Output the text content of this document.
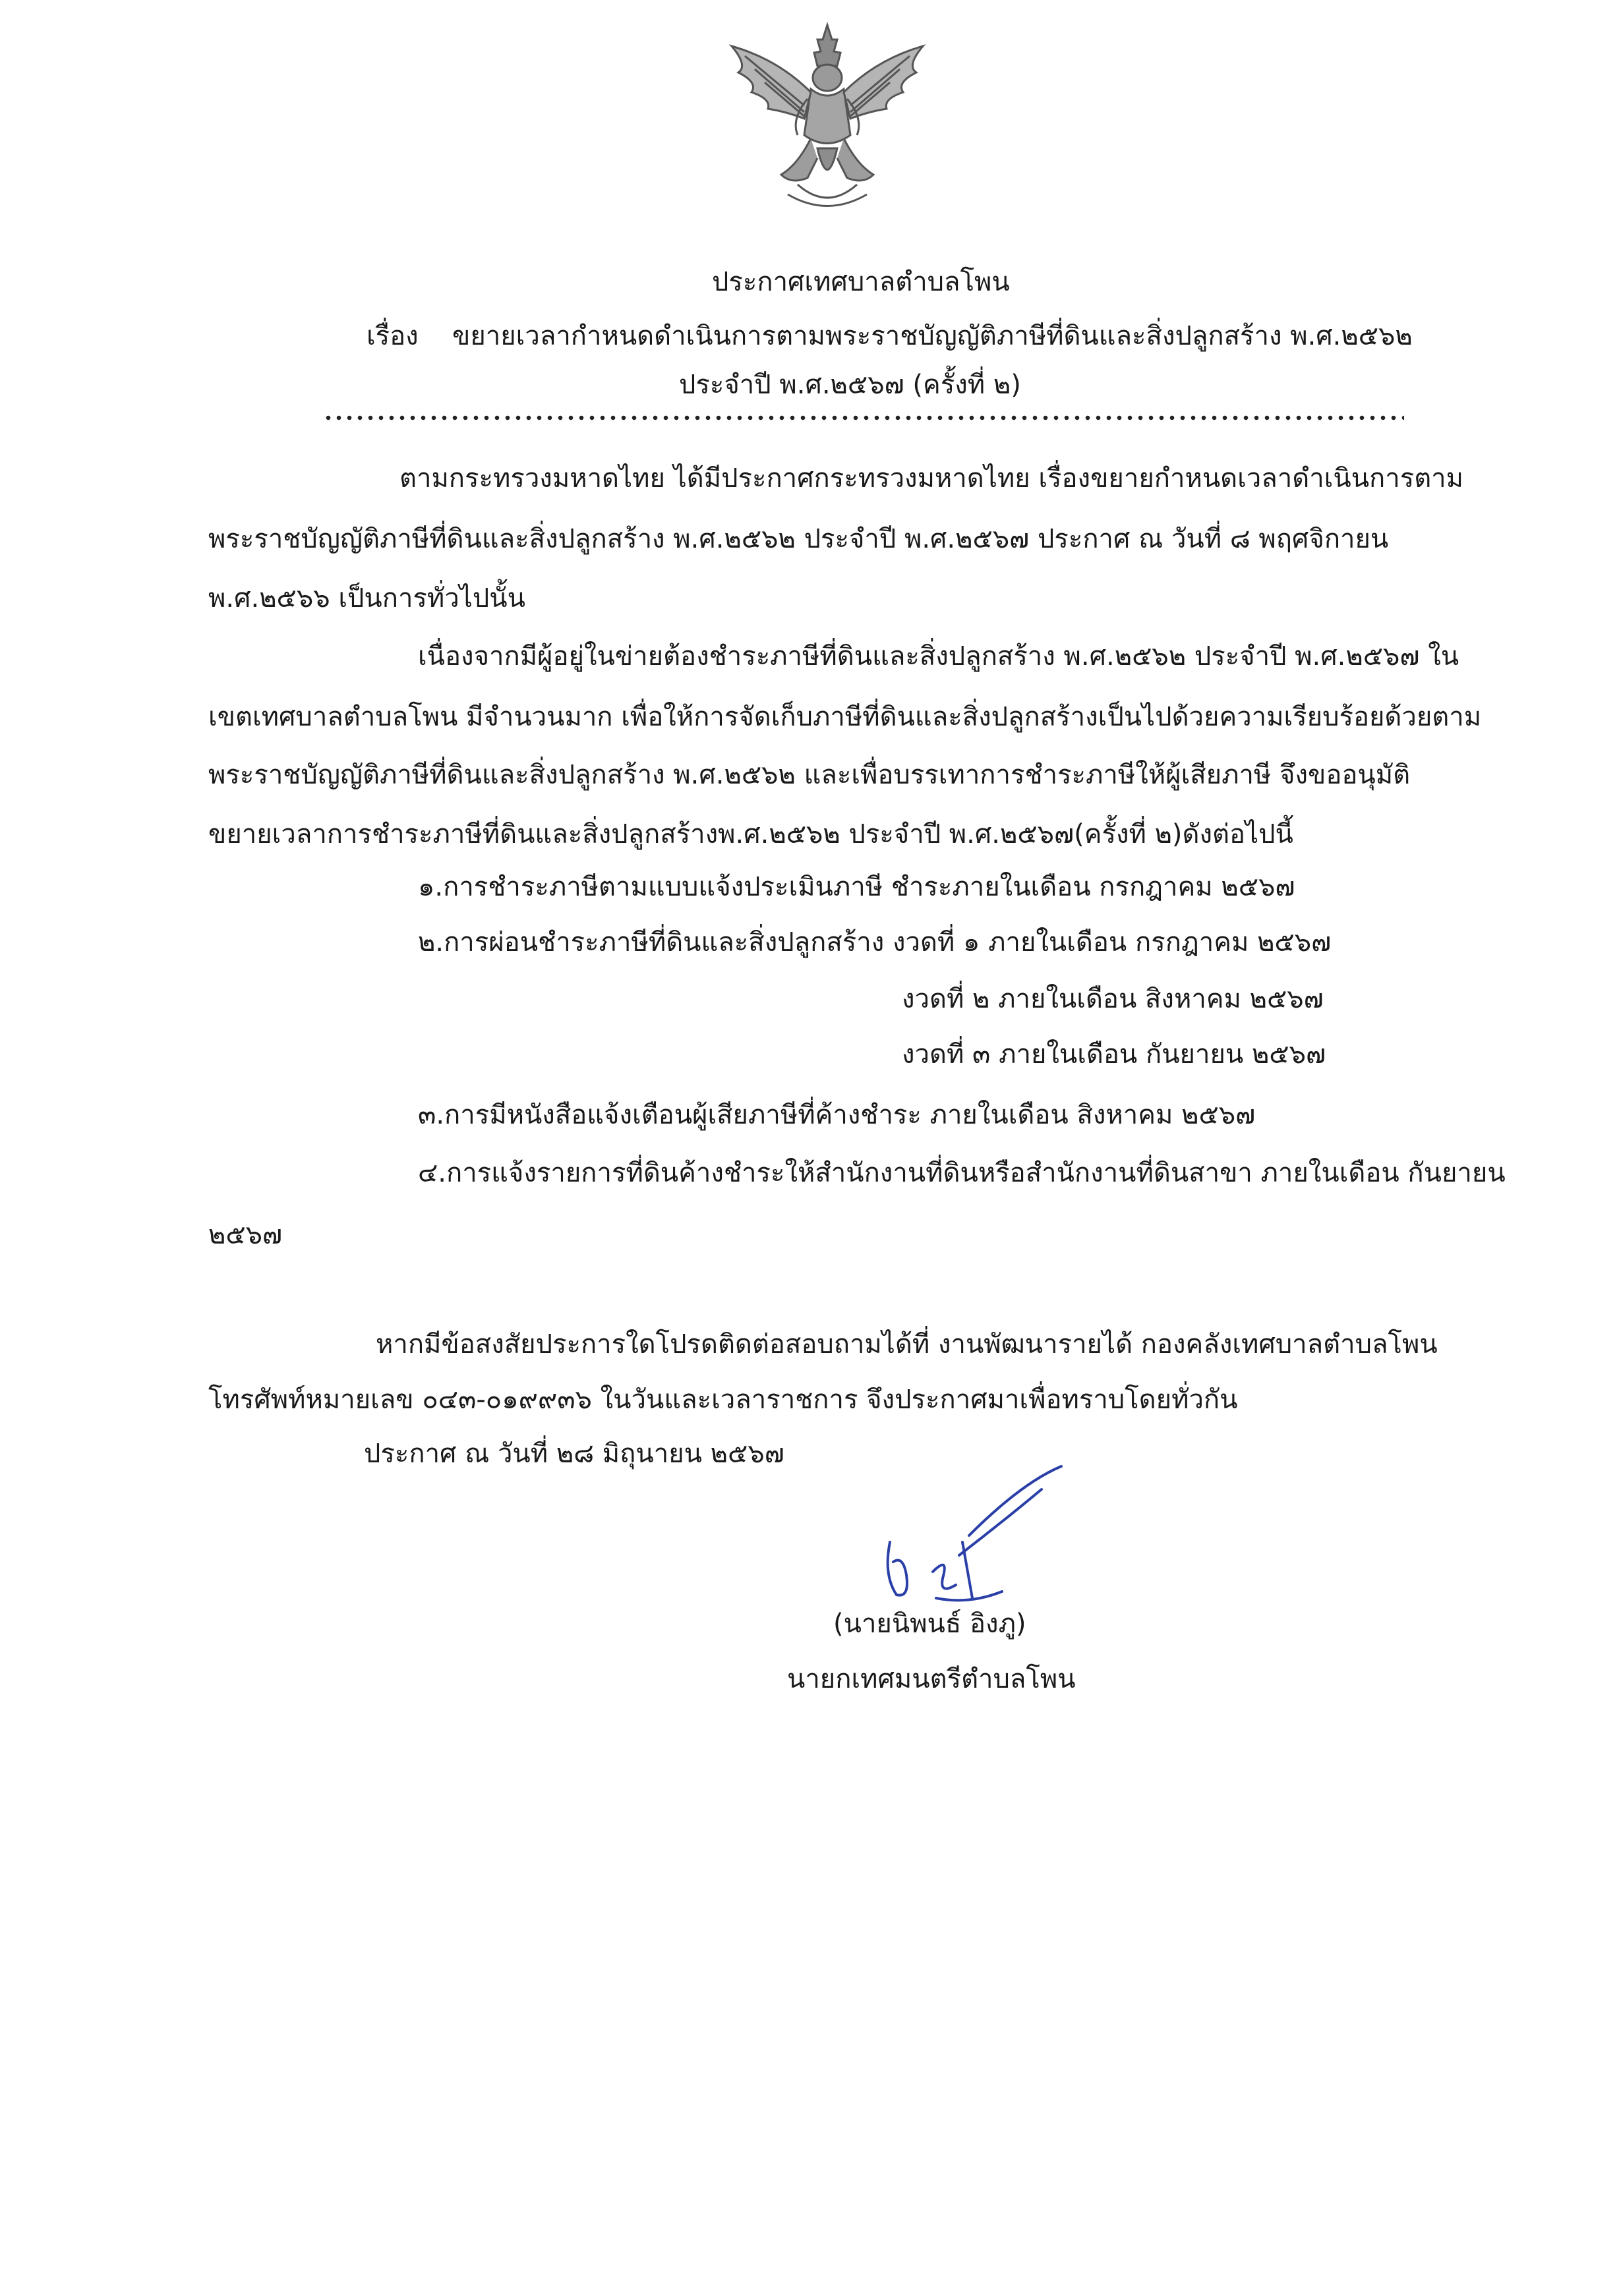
ประกาศเทศบาลตำบลโพน
เรื่อง ขยายเวลากำหนดดำเนินการตามพระราชบัญญัติภาษีที่ดินและสิ่งปลูกสร้าง พ.ศ.๒๕๖๒
ประจำปี พ.ศ.๒๕๖๗ (ครั้งที่ ๒)
ตามกระทรวงมหาดไทย ได้มีประกาศกระทรวงมหาดไทย เรื่องขยายกำหนดเวลาดำเนินการตาม
พระราชบัญญัติภาษีที่ดินและสิ่งปลูกสร้าง พ.ศ.๒๕๖๒ ประจำปี พ.ศ.๒๕๖๗ ประกาศ ณ วันที่ ๘ พฤศจิกายน
พ.ศ.๒๕๖๖ เป็นการทั่วไปนั้น
เนื่องจากมีผู้อยู่ในข่ายต้องชำระภาษีที่ดินและสิ่งปลูกสร้าง พ.ศ.๒๕๖๒ ประจำปี พ.ศ.๒๕๖๗ ใน
เขตเทศบาลตำบลโพน มีจำนวนมาก เพื่อให้การจัดเก็บภาษีที่ดินและสิ่งปลูกสร้างเป็นไปด้วยความเรียบร้อยด้วยตาม
พระราชบัญญัติภาษีที่ดินและสิ่งปลูกสร้าง พ.ศ.๒๕๖๒ และเพื่อบรรเทาการชำระภาษีให้ผู้เสียภาษี จึงขออนุมัติ
ขยายเวลาการชำระภาษีที่ดินและสิ่งปลูกสร้างพ.ศ.๒๕๖๒ ประจำปี พ.ศ.๒๕๖๗(ครั้งที่ ๒)ดังต่อไปนี้
๑.การชำระภาษีตามแบบแจ้งประเมินภาษี ชำระภายในเดือน กรกฎาคม ๒๕๖๗
๒.การผ่อนชำระภาษีที่ดินและสิ่งปลูกสร้าง งวดที่ ๑ ภายในเดือน กรกฎาคม ๒๕๖๗
งวดที่ ๒ ภายในเดือน สิงหาคม ๒๕๖๗
งวดที่ ๓ ภายในเดือน กันยายน ๒๕๖๗
๓.การมีหนังสือแจ้งเตือนผู้เสียภาษีที่ค้างชำระ ภายในเดือน สิงหาคม ๒๕๖๗
๔.การแจ้งรายการที่ดินค้างชำระให้สำนักงานที่ดินหรือสำนักงานที่ดินสาขา ภายในเดือน กันยายน
๒๕๖๗
หากมีข้อสงสัยประการใดโปรดติดต่อสอบถามได้ที่ งานพัฒนารายได้ กองคลังเทศบาลตำบลโพน
โทรศัพท์หมายเลข ๐๔๓-๐๑๙๙๓๖ ในวันและเวลาราชการ จึงประกาศมาเพื่อทราบโดยทั่วกัน
ประกาศ ณ วันที่ ๒๘ มิถุนายน ๒๕๖๗
(นายนิพนธ์ อิงภู)
นายกเทศมนตรีตำบลโพน
